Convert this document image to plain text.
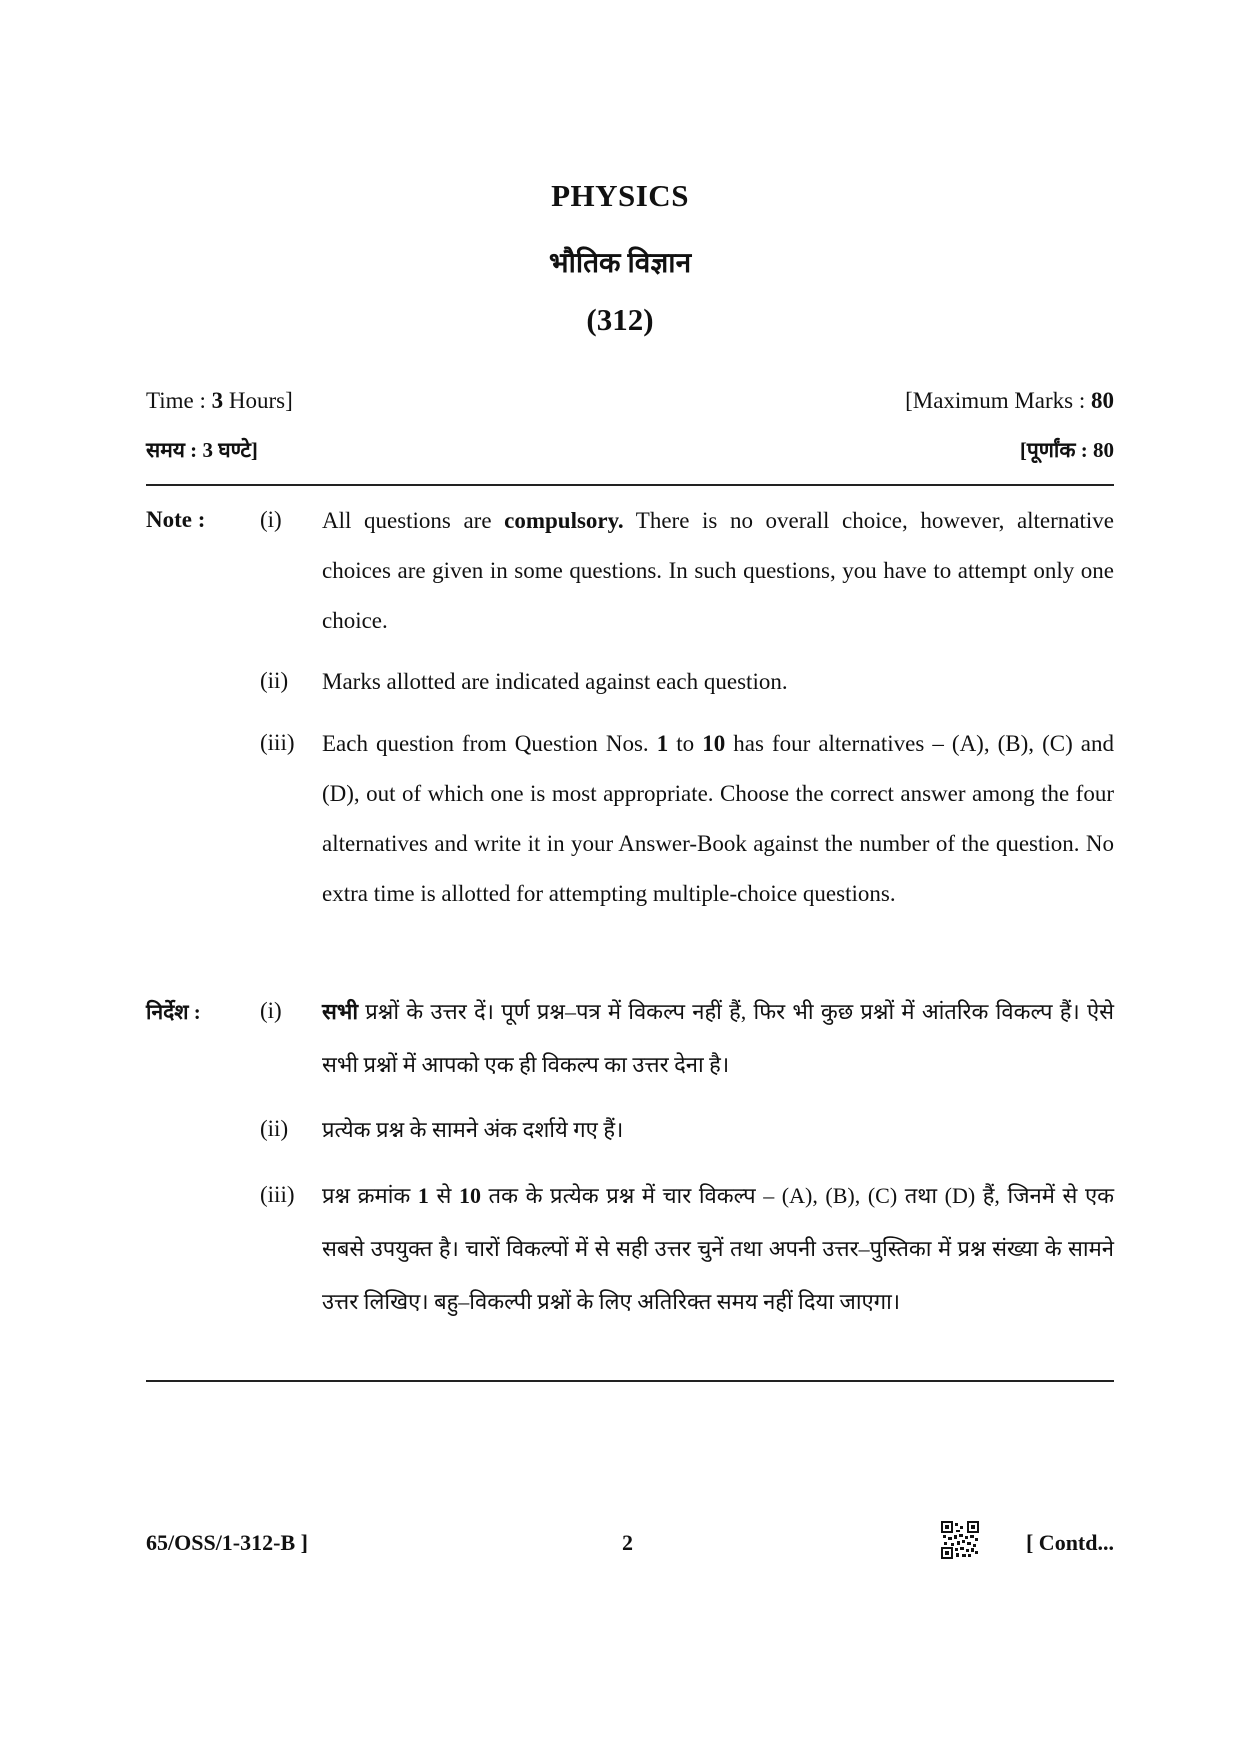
PHYSICS
भौतिक विज्ञान
(312)
Time : 3 Hours]	[Maximum Marks : 80
समय : 3 घण्टे]	[पूर्णांक : 80
Note : (i) All questions are compulsory. There is no overall choice, however, alternative choices are given in some questions. In such questions, you have to attempt only one choice.
(ii) Marks allotted are indicated against each question.
(iii) Each question from Question Nos. 1 to 10 has four alternatives – (A), (B), (C) and (D), out of which one is most appropriate. Choose the correct answer among the four alternatives and write it in your Answer-Book against the number of the question. No extra time is allotted for attempting multiple-choice questions.
निर्देश :	(i) सभी प्रश्नों के उत्तर दें। पूर्ण प्रश्न–पत्र में विकल्प नहीं हैं, फिर भी कुछ प्रश्नों में आंतरिक विकल्प हैं। ऐसे सभी प्रश्नों में आपको एक ही विकल्प का उत्तर देना है।
(ii) प्रत्येक प्रश्न के सामने अंक दर्शाये गए हैं।
(iii) प्रश्न क्रमांक 1 से 10 तक के प्रत्येक प्रश्न में चार विकल्प – (A), (B), (C) तथा (D) हैं, जिनमें से एक सबसे उपयुक्त है। चारों विकल्पों में से सही उत्तर चुनें तथा अपनी उत्तर–पुस्तिका में प्रश्न संख्या के सामने उत्तर लिखिए। बहु–विकल्पी प्रश्नों के लिए अतिरिक्त समय नहीं दिया जाएगा।
65/OSS/1-312-B ]	2	[ Contd...
